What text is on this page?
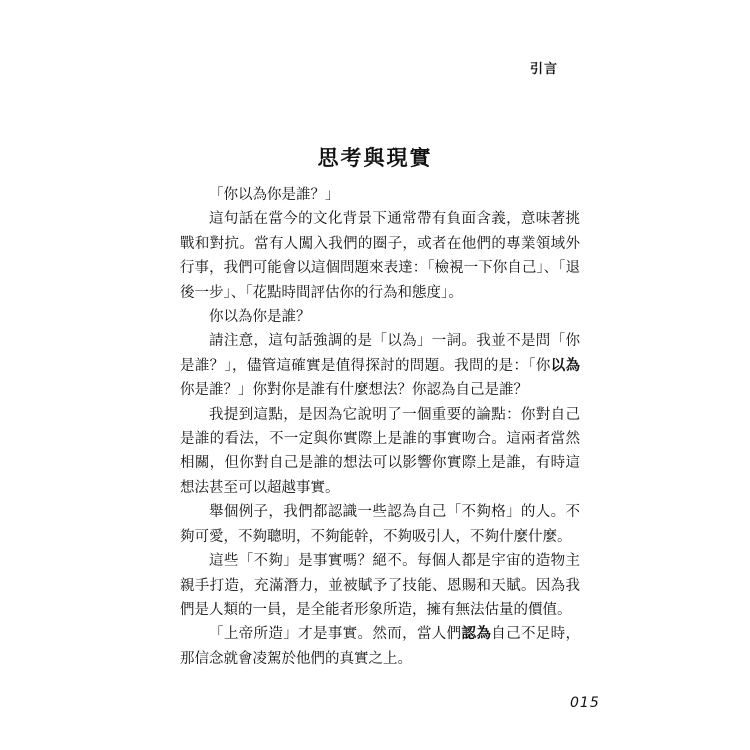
引言
思考與現實

「你以為你是誰？」

這句話在當今的文化背景下通常帶有負面含義，意味著挑戰和對抗。當有人闖入我們的圈子，或者在他們的專業領域外行事，我們可能會以這個問題來表達：「檢視一下你自己」、「退後一步」、「花點時間評估你的行為和態度」。

你以為你是誰？

請注意，這句話強調的是「以為」一詞。我並不是問「你是誰？」，儘管這確實是值得探討的問題。我問的是：「你以為你是誰？」你對你是誰有什麼想法？你認為自己是誰？

我提到這點，是因為它說明了一個重要的論點：你對自己是誰的看法，不一定與你實際上是誰的事實吻合。這兩者當然相關，但你對自己是誰的想法可以影響你實際上是誰，有時這想法甚至可以超越事實。

舉個例子，我們都認識一些認為自己「不夠格」的人。不夠可愛，不夠聰明，不夠能幹，不夠吸引人，不夠什麼什麼。

這些「不夠」是事實嗎？絕不。每個人都是宇宙的造物主親手打造，充滿潛力，並被賦予了技能、恩賜和天賦。因為我們是人類的一員，是全能者形象所造，擁有無法估量的價值。

「上帝所造」才是事實。然而，當人們認為自己不足時，那信念就會凌駕於他們的真實之上。

015
